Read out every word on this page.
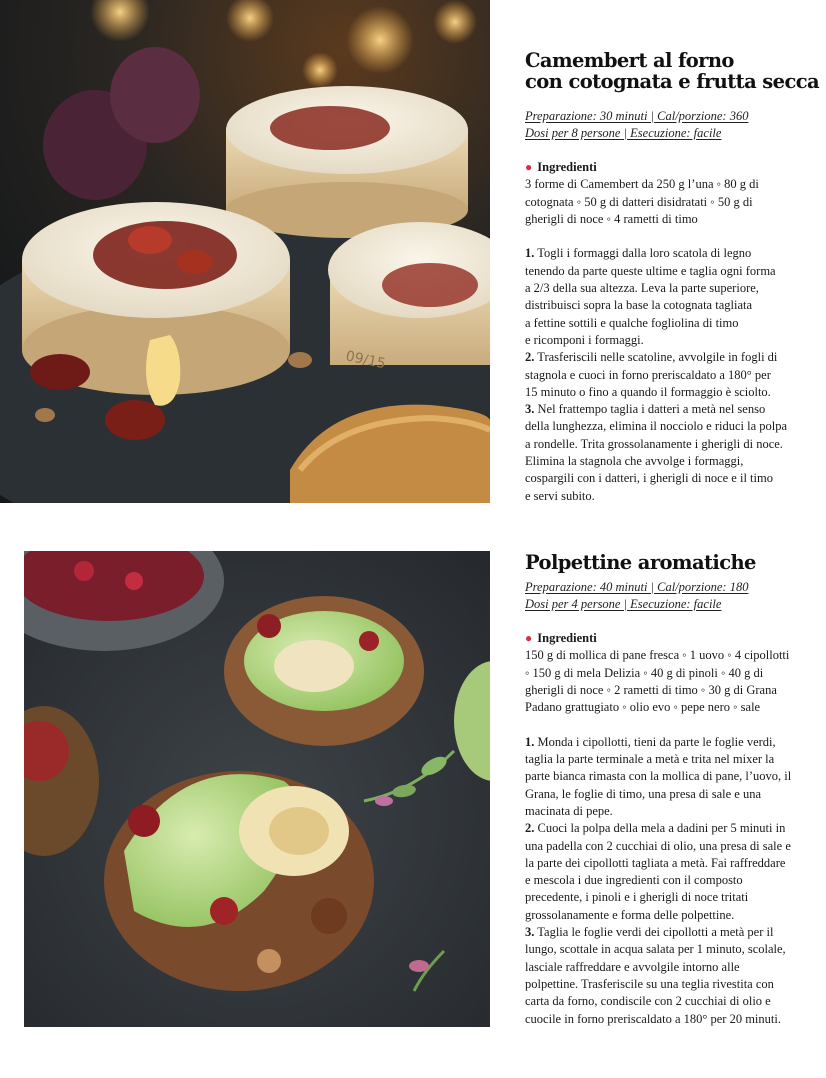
09/15
Camembert al forno
con cotognata e frutta secca
Preparazione: 30 minuti | Cal/porzione: 360
Dosi per 8 persone | Esecuzione: facile
● Ingredienti
3 forme di Camembert da 250 g l’una ◦ 80 g di
cotognata ◦ 50 g di datteri disidratati ◦ 50 g di
gherigli di noce ◦ 4 rametti di timo
1. Togli i formaggi dalla loro scatola di legno
tenendo da parte queste ultime e taglia ogni forma
a 2/3 della sua altezza. Leva la parte superiore,
distribuisci sopra la base la cotognata tagliata
a fettine sottili e qualche fogliolina di timo
e ricomponi i formaggi.
2. Trasferiscili nelle scatoline, avvolgile in fogli di
stagnola e cuoci in forno preriscaldato a 180° per
15 minuto o fino a quando il formaggio è sciolto.
3. Nel frattempo taglia i datteri a metà nel senso
della lunghezza, elimina il nocciolo e riduci la polpa
a rondelle. Trita grossolanamente i gherigli di noce.
Elimina la stagnola che avvolge i formaggi,
cospargili con i datteri, i gherigli di noce e il timo
e servi subito.
Polpettine aromatiche
Preparazione: 40 minuti | Cal/porzione: 180
Dosi per 4 persone | Esecuzione: facile
● Ingredienti
150 g di mollica di pane fresca ◦ 1 uovo ◦ 4 cipollotti
◦ 150 g di mela Delizia ◦ 40 g di pinoli ◦ 40 g di
gherigli di noce ◦ 2 rametti di timo ◦ 30 g di Grana
Padano grattugiato ◦ olio evo ◦ pepe nero ◦ sale
1. Monda i cipollotti, tieni da parte le foglie verdi,
taglia la parte terminale a metà e trita nel mixer la
parte bianca rimasta con la mollica di pane, l’uovo, il
Grana, le foglie di timo, una presa di sale e una
macinata di pepe.
2. Cuoci la polpa della mela a dadini per 5 minuti in
una padella con 2 cucchiai di olio, una presa di sale e
la parte dei cipollotti tagliata a metà. Fai raffreddare
e mescola i due ingredienti con il composto
precedente, i pinoli e i gherigli di noce tritati
grossolanamente e forma delle polpettine.
3. Taglia le foglie verdi dei cipollotti a metà per il
lungo, scottale in acqua salata per 1 minuto, scolale,
lasciale raffreddare e avvolgile intorno alle
polpettine. Trasferiscile su una teglia rivestita con
carta da forno, condiscile con 2 cucchiai di olio e
cuocile in forno preriscaldato a 180° per 20 minuti.
